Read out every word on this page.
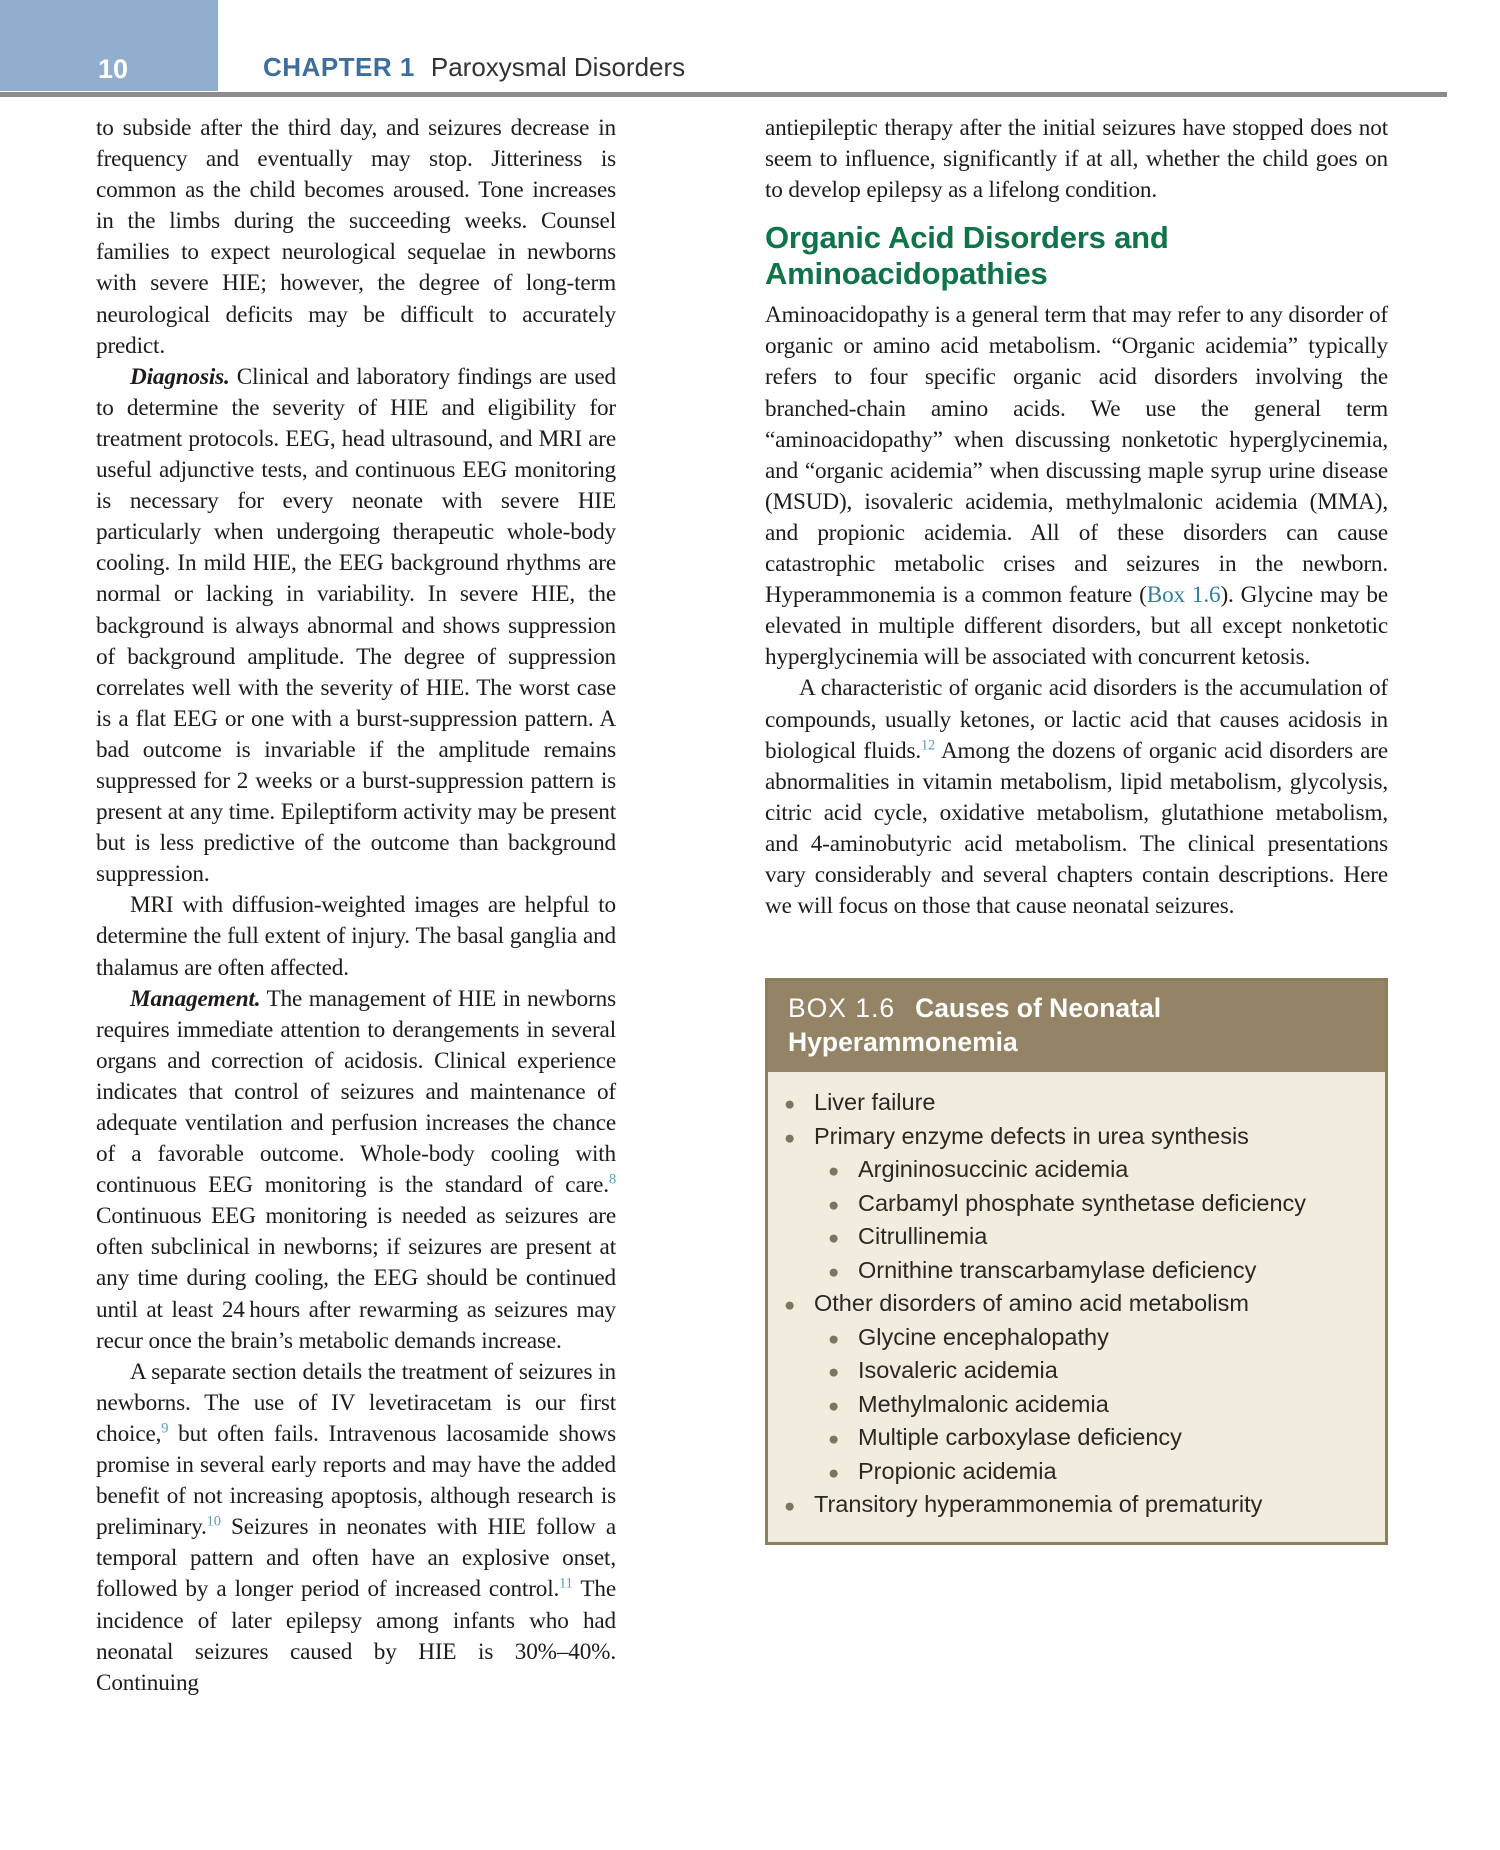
10	CHAPTER 1 Paroxysmal Disorders

to subside after the third day, and seizures decrease in frequency and eventually may stop. Jitteriness is common as the child becomes aroused. Tone increases in the limbs during the succeeding weeks. Counsel families to expect neurological sequelae in newborns with severe HIE; however, the degree of long-term neurological deficits may be difficult to accurately predict.

Diagnosis. Clinical and laboratory findings are used to determine the severity of HIE and eligibility for treatment protocols. EEG, head ultrasound, and MRI are useful adjunctive tests, and continuous EEG monitoring is necessary for every neonate with severe HIE particularly when undergoing therapeutic whole-body cooling. In mild HIE, the EEG background rhythms are normal or lacking in variability. In severe HIE, the background is always abnormal and shows suppression of background amplitude. The degree of suppression correlates well with the severity of HIE. The worst case is a flat EEG or one with a burst-suppression pattern. A bad outcome is invariable if the amplitude remains suppressed for 2 weeks or a burst-suppression pattern is present at any time. Epileptiform activity may be present but is less predictive of the outcome than background suppression.

MRI with diffusion-weighted images are helpful to determine the full extent of injury. The basal ganglia and thalamus are often affected.

Management. The management of HIE in newborns requires immediate attention to derangements in several organs and correction of acidosis. Clinical experience indicates that control of seizures and maintenance of adequate ventilation and perfusion increases the chance of a favorable outcome. Whole-body cooling with continuous EEG monitoring is the standard of care.$^8$ Continuous EEG monitoring is needed as seizures are often subclinical in newborns; if seizures are present at any time during cooling, the EEG should be continued until at least 24 hours after rewarming as seizures may recur once the brain’s metabolic demands increase.

A separate section details the treatment of seizures in newborns. The use of IV levetiracetam is our first choice,$^9$ but often fails. Intravenous lacosamide shows promise in several early reports and may have the added benefit of not increasing apoptosis, although research is preliminary.$^{10}$ Seizures in neonates with HIE follow a temporal pattern and often have an explosive onset, followed by a longer period of increased control.$^{11}$ The incidence of later epilepsy among infants who had neonatal seizures caused by HIE is 30%–40%. Continuing

antiepileptic therapy after the initial seizures have stopped does not seem to influence, significantly if at all, whether the child goes on to develop epilepsy as a lifelong condition.

Organic Acid Disorders and Aminoacidopathies

Aminoacidopathy is a general term that may refer to any disorder of organic or amino acid metabolism. “Organic acidemia” typically refers to four specific organic acid disorders involving the branched-chain amino acids. We use the general term “aminoacidopathy” when discussing nonketotic hyperglycinemia, and “organic acidemia” when discussing maple syrup urine disease (MSUD), isovaleric acidemia, methylmalonic acidemia (MMA), and propionic acidemia. All of these disorders can cause catastrophic metabolic crises and seizures in the newborn. Hyperammonemia is a common feature (Box 1.6). Glycine may be elevated in multiple different disorders, but all except nonketotic hyperglycinemia will be associated with concurrent ketosis.

A characteristic of organic acid disorders is the accumulation of compounds, usually ketones, or lactic acid that causes acidosis in biological fluids.$^{12}$ Among the dozens of organic acid disorders are abnormalities in vitamin metabolism, lipid metabolism, glycolysis, citric acid cycle, oxidative metabolism, glutathione metabolism, and 4-aminobutyric acid metabolism. The clinical presentations vary considerably and several chapters contain descriptions. Here we will focus on those that cause neonatal seizures.

BOX 1.6 Causes of Neonatal Hyperammonemia
● Liver failure
● Primary enzyme defects in urea synthesis
● Argininosuccinic acidemia
● Carbamyl phosphate synthetase deficiency
● Citrullinemia
● Ornithine transcarbamylase deficiency
● Other disorders of amino acid metabolism
● Glycine encephalopathy
● Isovaleric acidemia
● Methylmalonic acidemia
● Multiple carboxylase deficiency
● Propionic acidemia
● Transitory hyperammonemia of prematurity
